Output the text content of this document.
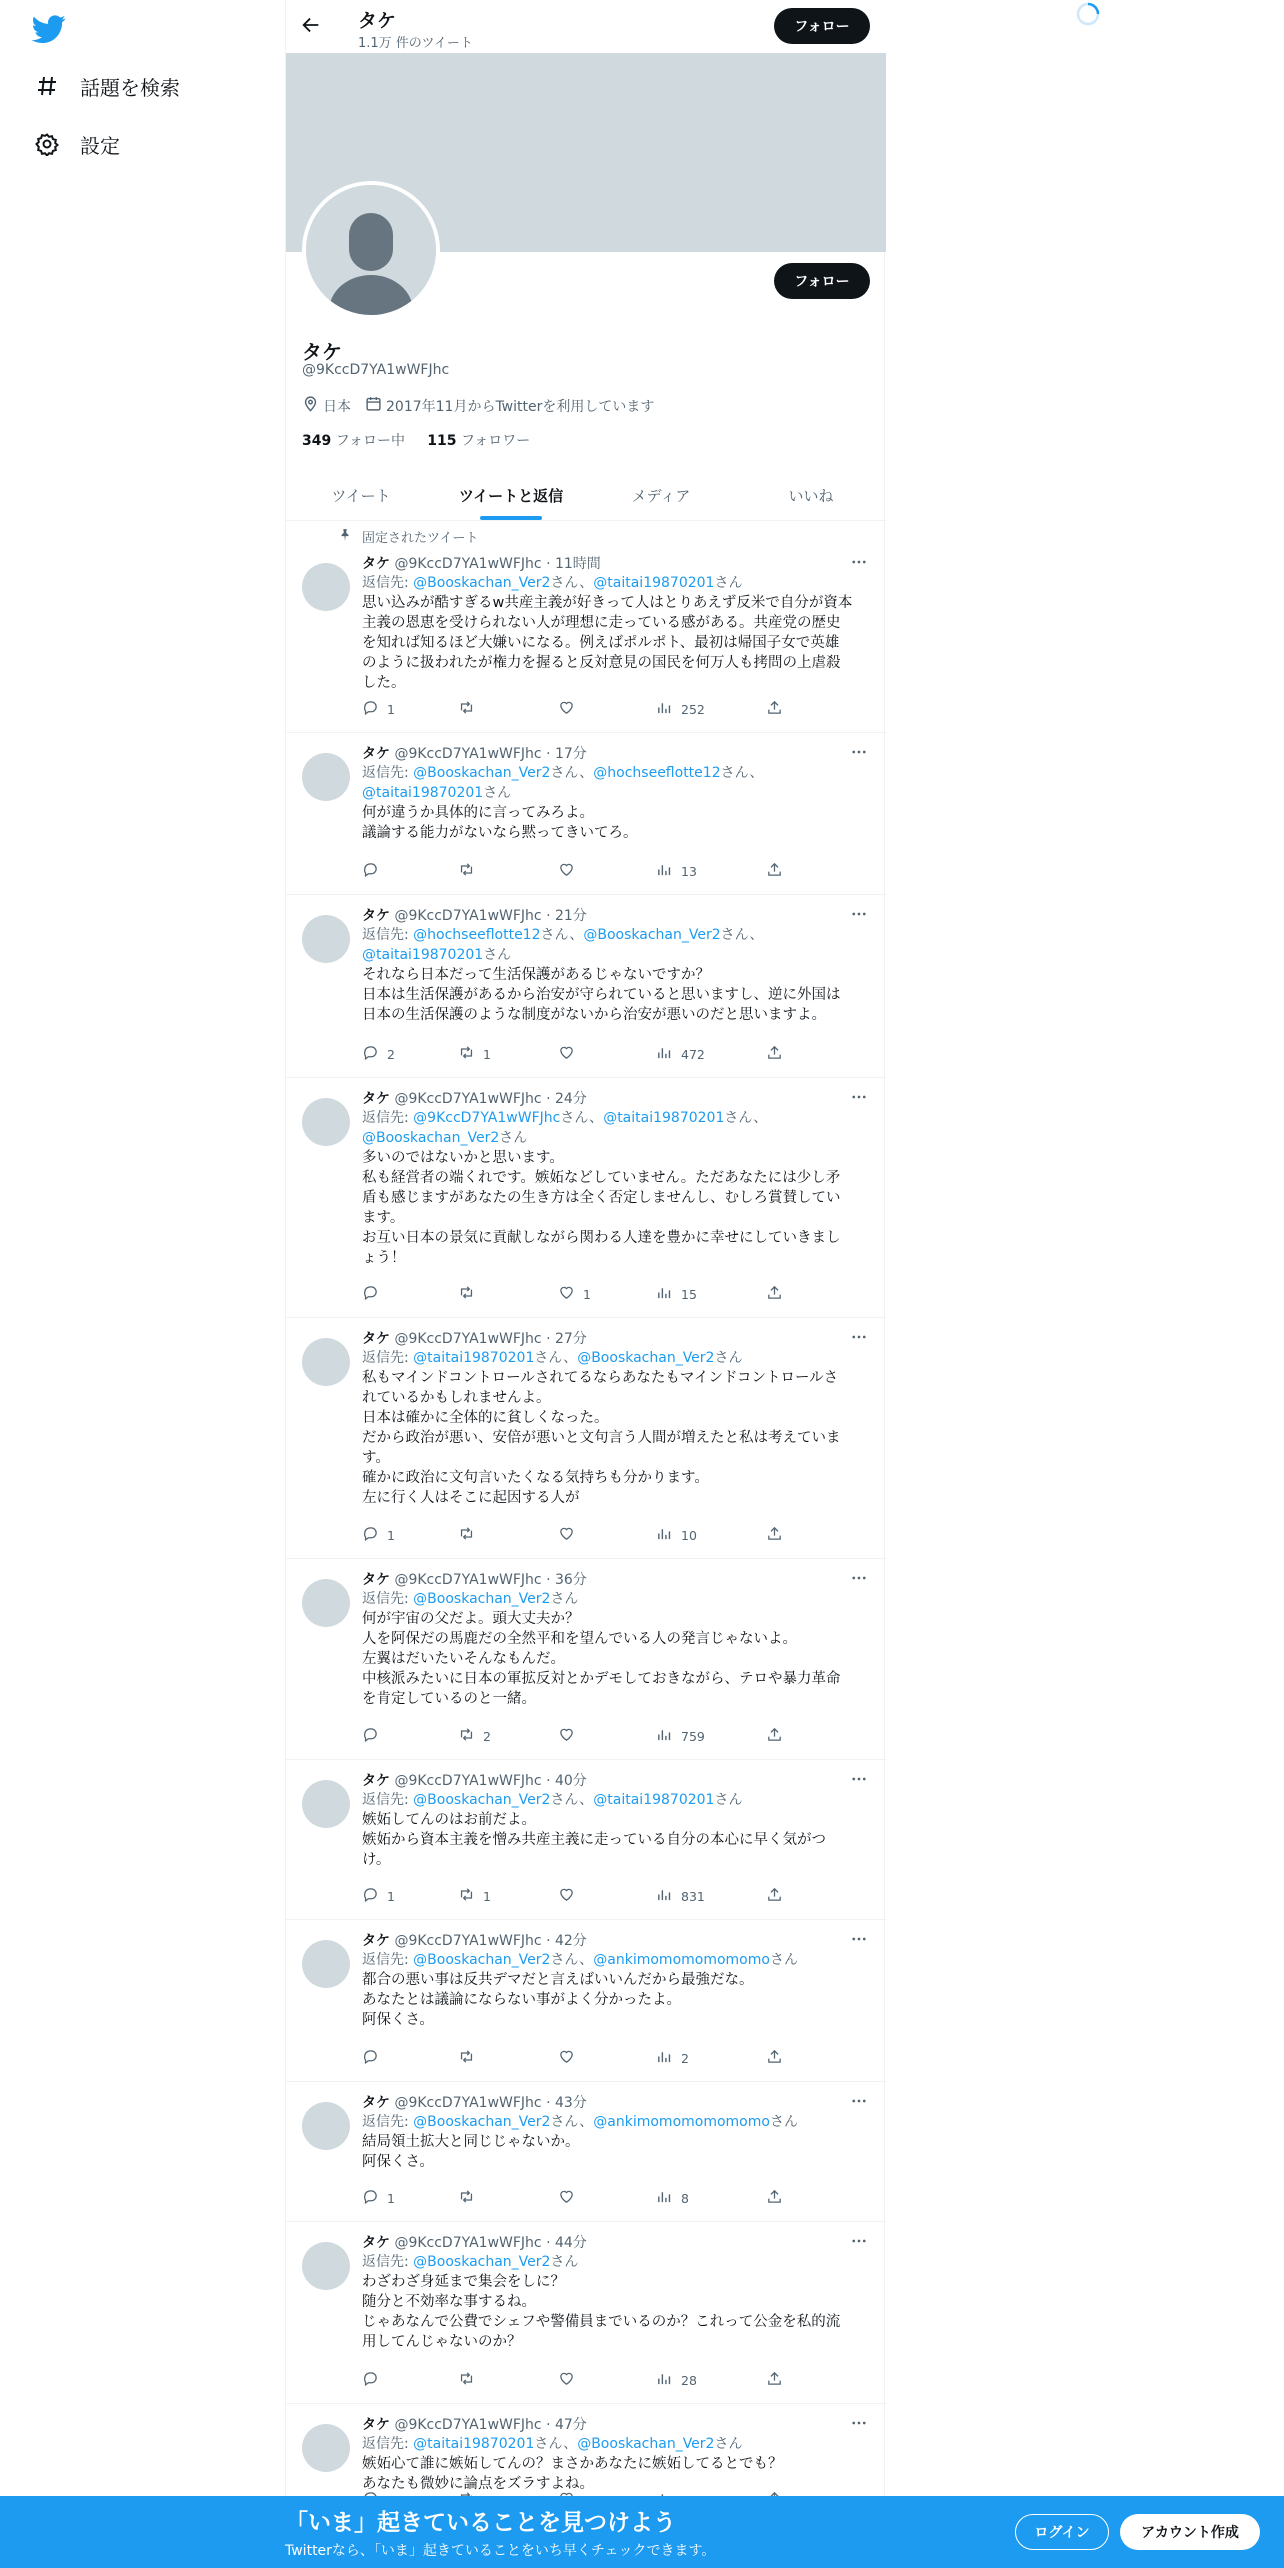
話題を検索
設定
タケ
1.1万 件のツイート
フォロー
フォロー
タケ
@9KccD7YA1wWFJhc
日本	2017年11月からTwitterを利用しています
349 フォロー中 115 フォロワー
ツイート	ツイートと返信	メディア	いいね
固定されたツイート
タケ @9KccD7YA1wWFJhc · 11時間
返信先: @Booskachan_Ver2さん、@taitai19870201さん
思い込みが酷すぎるw共産主義が好きって人はとりあえず反米で自分が資本
主義の恩恵を受けられない人が理想に走っている感がある。共産党の歴史
を知れば知るほど大嫌いになる。例えばポルポト、最初は帰国子女で英雄
のように扱われたが権力を握ると反対意見の国民を何万人も拷問の上虐殺
した。
1	252
タケ @9KccD7YA1wWFJhc · 17分
返信先: @Booskachan_Ver2さん、@hochseeflotte12さん、@taitai19870201さん
何が違うか具体的に言ってみろよ。
議論する能力がないなら黙ってきいてろ。
13
タケ @9KccD7YA1wWFJhc · 21分
返信先: @hochseeflotte12さん、@Booskachan_Ver2さん、@taitai19870201さん
それなら日本だって生活保護があるじゃないですか？
日本は生活保護があるから治安が守られていると思いますし、逆に外国は
日本の生活保護のような制度がないから治安が悪いのだと思いますよ。
2	1	472
タケ @9KccD7YA1wWFJhc · 24分
返信先: @9KccD7YA1wWFJhcさん、@taitai19870201さん、@Booskachan_Ver2さん
多いのではないかと思います。
私も経営者の端くれです。嫉妬などしていません。ただあなたには少し矛
盾も感じますがあなたの生き方は全く否定しませんし、むしろ賞賛してい
ます。
お互い日本の景気に貢献しながら関わる人達を豊かに幸せにしていきまし
ょう！
1	15
タケ @9KccD7YA1wWFJhc · 27分
返信先: @taitai19870201さん、@Booskachan_Ver2さん
私もマインドコントロールされてるならあなたもマインドコントロールさ
れているかもしれませんよ。
日本は確かに全体的に貧しくなった。
だから政治が悪い、安倍が悪いと文句言う人間が増えたと私は考えていま
す。
確かに政治に文句言いたくなる気持ちも分かります。
左に行く人はそこに起因する人が
1	10
タケ @9KccD7YA1wWFJhc · 36分
返信先: @Booskachan_Ver2さん
何が宇宙の父だよ。頭大丈夫か？
人を阿保だの馬鹿だの全然平和を望んでいる人の発言じゃないよ。
左翼はだいたいそんなもんだ。
中核派みたいに日本の軍拡反対とかデモしておきながら、テロや暴力革命
を肯定しているのと一緒。
2	759
タケ @9KccD7YA1wWFJhc · 40分
返信先: @Booskachan_Ver2さん、@taitai19870201さん
嫉妬してんのはお前だよ。
嫉妬から資本主義を憎み共産主義に走っている自分の本心に早く気がつ
け。
1	1	831
タケ @9KccD7YA1wWFJhc · 42分
返信先: @Booskachan_Ver2さん、@ankimomomomomomoさん
都合の悪い事は反共デマだと言えばいいんだから最強だな。
あなたとは議論にならない事がよく分かったよ。
阿保くさ。
2
タケ @9KccD7YA1wWFJhc · 43分
返信先: @Booskachan_Ver2さん、@ankimomomomomomoさん
結局領土拡大と同じじゃないか。
阿保くさ。
1	8
タケ @9KccD7YA1wWFJhc · 44分
返信先: @Booskachan_Ver2さん
わざわざ身延まで集会をしに？
随分と不効率な事するね。
じゃあなんで公費でシェフや警備員までいるのか？これって公金を私的流
用してんじゃないのか？
28
タケ @9KccD7YA1wWFJhc · 47分
返信先: @taitai19870201さん、@Booskachan_Ver2さん
嫉妬心て誰に嫉妬してんの？まさかあなたに嫉妬してるとでも？
あなたも微妙に論点をズラすよね。
「いま」起きていることを見つけよう
Twitterなら、「いま」起きていることをいち早くチェックできます。
ログイン	アカウント作成
